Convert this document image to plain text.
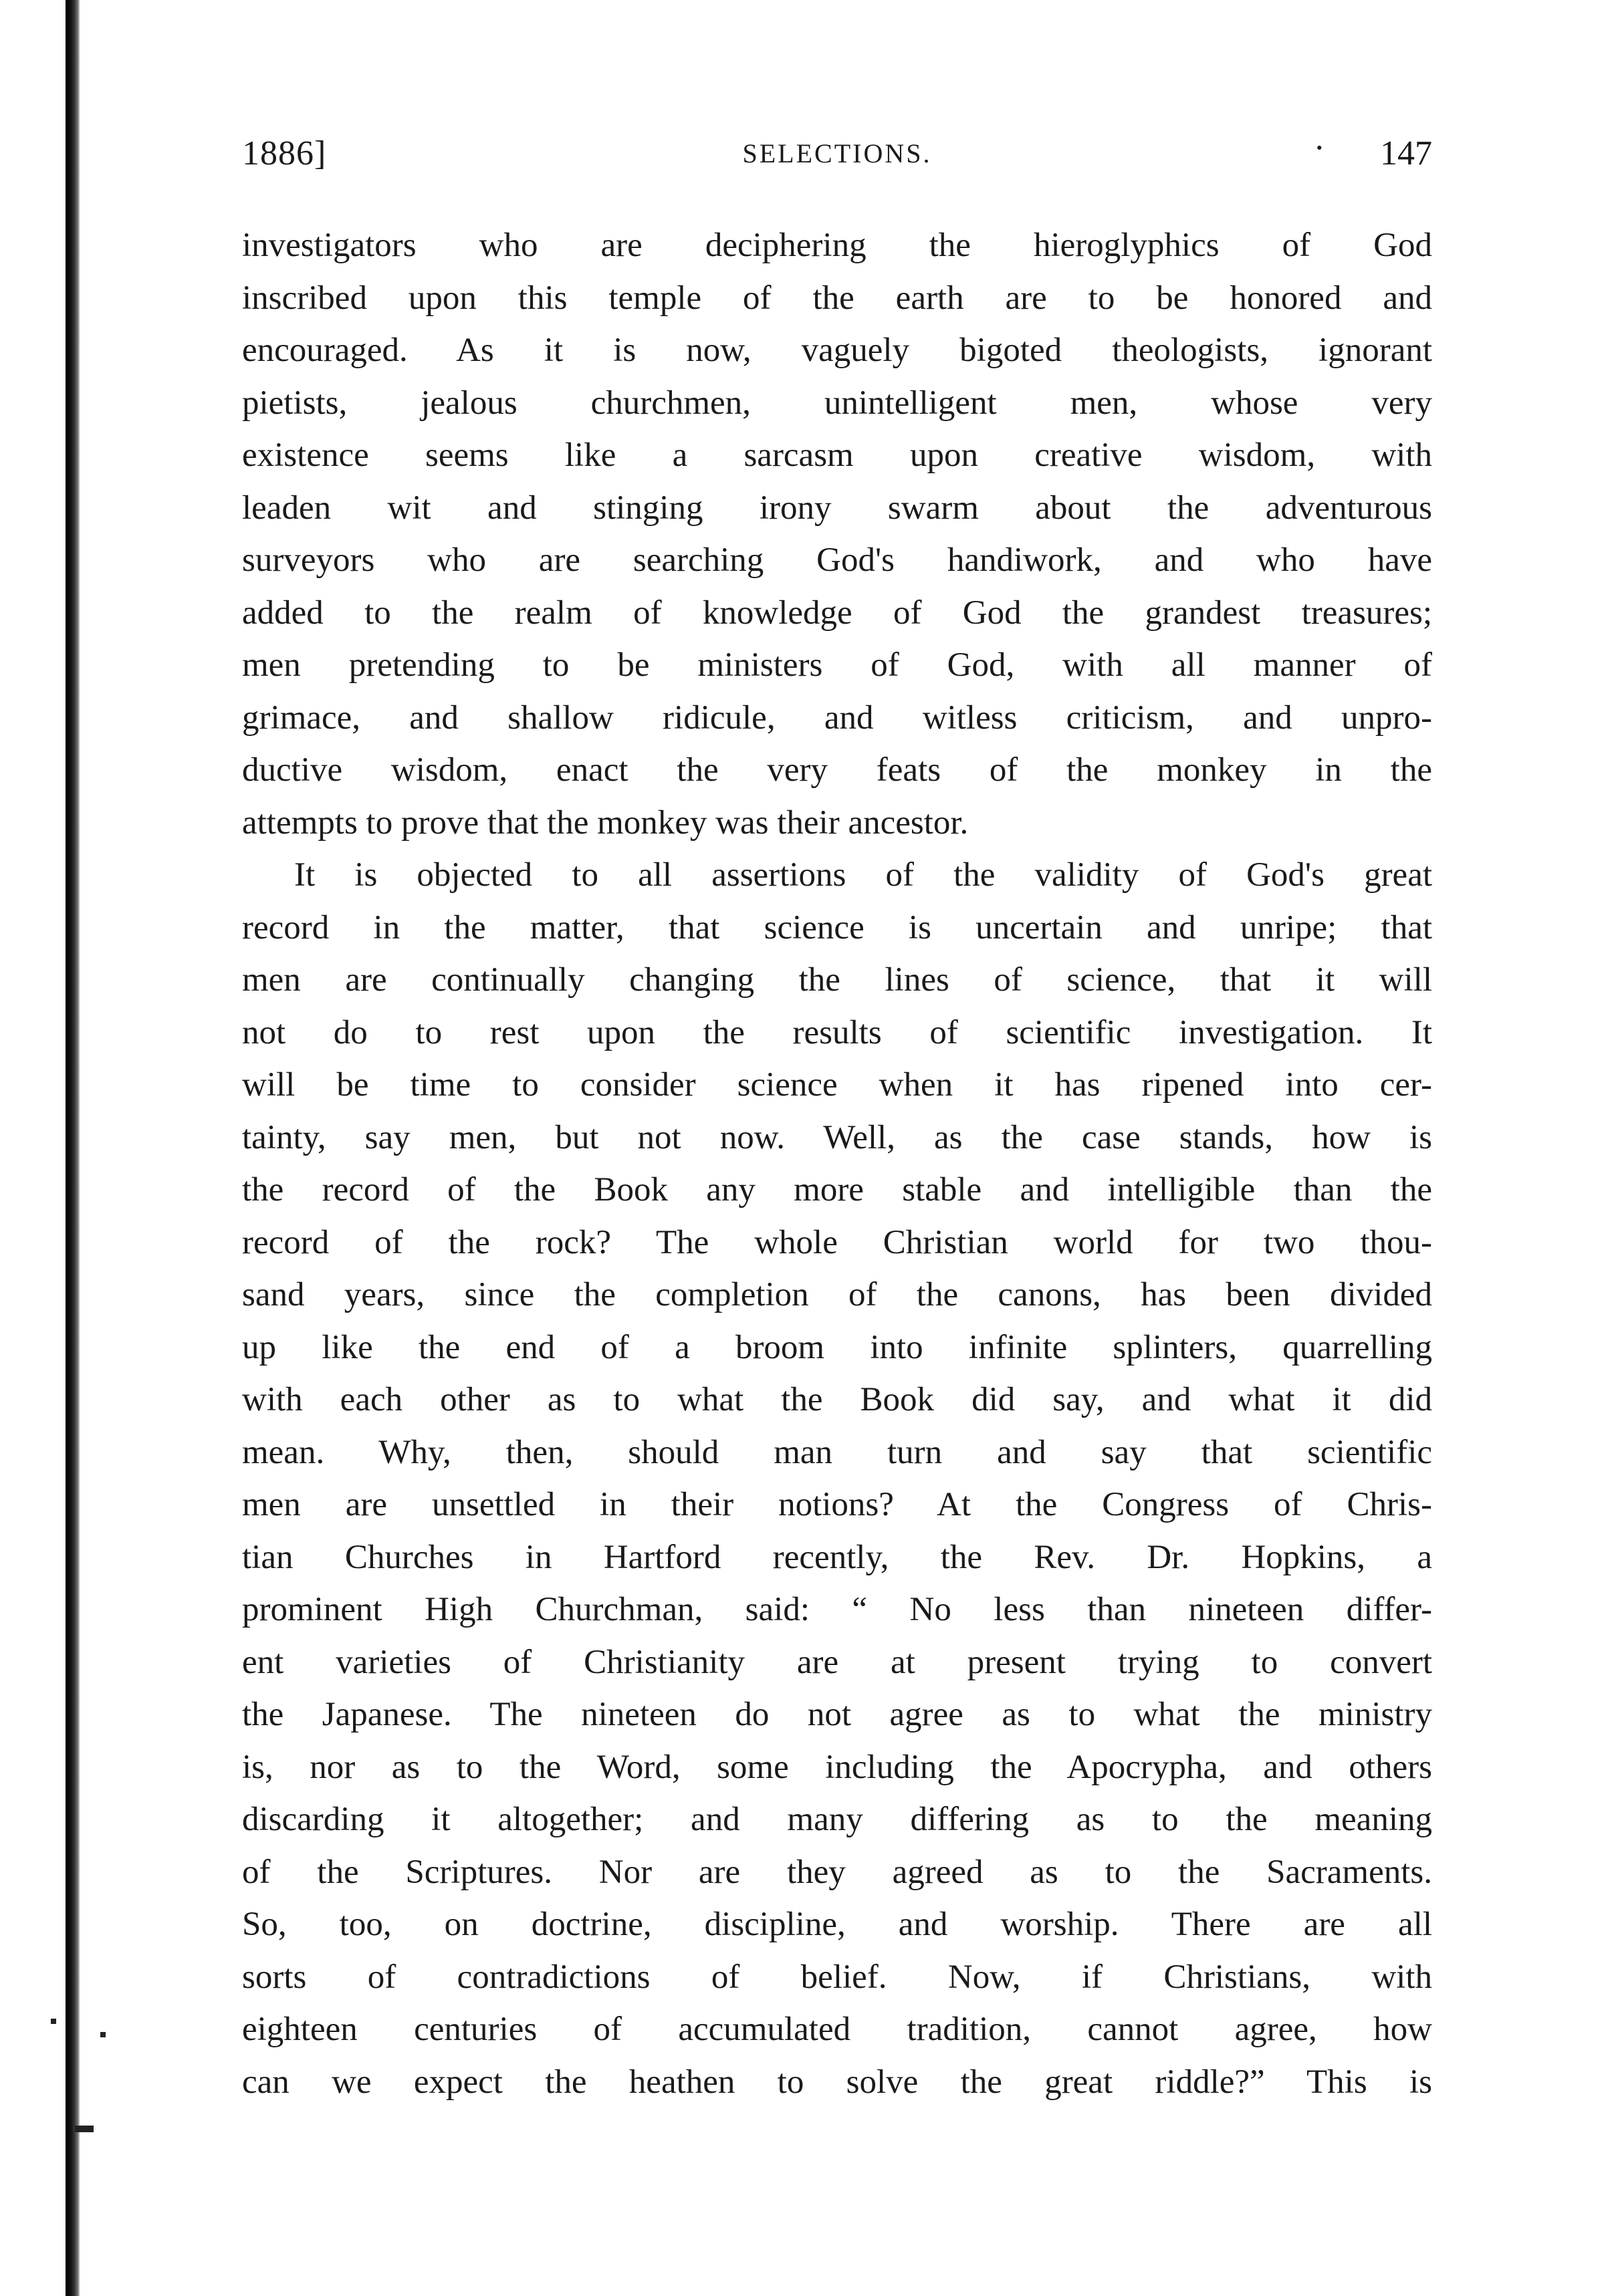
1886]	SELECTIONS.	· 147
investigators who are deciphering the hieroglyphics of God
inscribed upon this temple of the earth are to be honored and
encouraged. As it is now, vaguely bigoted theologists, ignorant
pietists, jealous churchmen, unintelligent men, whose very
existence seems like a sarcasm upon creative wisdom, with
leaden wit and stinging irony swarm about the adventurous
surveyors who are searching God's handiwork, and who have
added to the realm of knowledge of God the grandest treasures;
men pretending to be ministers of God, with all manner of
grimace, and shallow ridicule, and witless criticism, and unpro-
ductive wisdom, enact the very feats of the monkey in the
attempts to prove that the monkey was their ancestor.
It is objected to all assertions of the validity of God's great
record in the matter, that science is uncertain and unripe; that
men are continually changing the lines of science, that it will
not do to rest upon the results of scientific investigation. It
will be time to consider science when it has ripened into cer-
tainty, say men, but not now. Well, as the case stands, how is
the record of the Book any more stable and intelligible than the
record of the rock? The whole Christian world for two thou-
sand years, since the completion of the canons, has been divided
up like the end of a broom into infinite splinters, quarrelling
with each other as to what the Book did say, and what it did
mean. Why, then, should man turn and say that scientific
men are unsettled in their notions? At the Congress of Chris-
tian Churches in Hartford recently, the Rev. Dr. Hopkins, a
prominent High Churchman, said: “ No less than nineteen differ-
ent varieties of Christianity are at present trying to convert
the Japanese. The nineteen do not agree as to what the ministry
is, nor as to the Word, some including the Apocrypha, and others
discarding it altogether; and many differing as to the meaning
of the Scriptures. Nor are they agreed as to the Sacraments.
So, too, on doctrine, discipline, and worship. There are all
sorts of contradictions of belief. Now, if Christians, with
eighteen centuries of accumulated tradition, cannot agree, how
can we expect the heathen to solve the great riddle?” This is
